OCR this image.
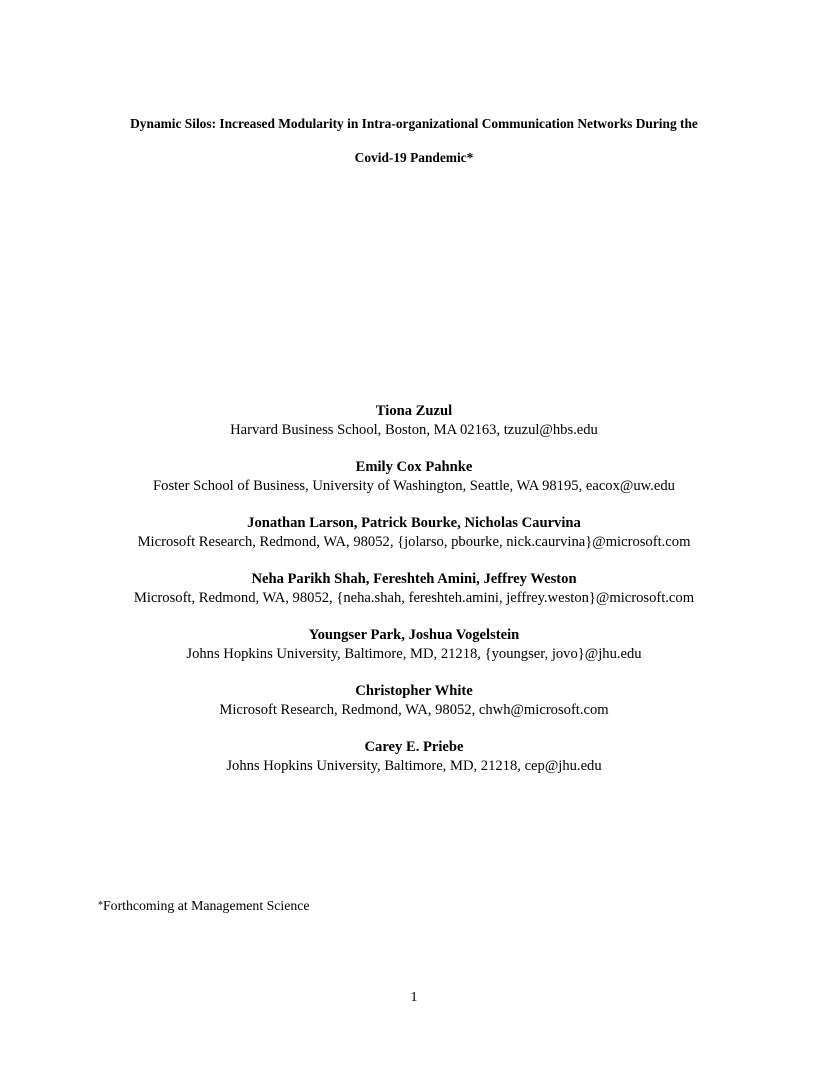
Dynamic Silos: Increased Modularity in Intra-organizational Communication Networks During the

Covid-19 Pandemic*

Tiona Zuzul

Harvard Business School, Boston, MA 02163, tzuzul@hbs.edu

Emily Cox Pahnke

Foster School of Business, University of Washington, Seattle, WA 98195, eacox@uw.edu

Jonathan Larson, Patrick Bourke, Nicholas Caurvina

Microsoft Research, Redmond, WA, 98052, {jolarso, pbourke, nick.caurvina}@microsoft.com

Neha Parikh Shah, Fereshteh Amini, Jeffrey Weston

Microsoft, Redmond, WA, 98052, {neha.shah, fereshteh.amini, jeffrey.weston}@microsoft.com

Youngser Park, Joshua Vogelstein

Johns Hopkins University, Baltimore, MD, 21218, {youngser, jovo}@jhu.edu

Christopher White

Microsoft Research, Redmond, WA, 98052, chwh@microsoft.com

Carey E. Priebe

Johns Hopkins University, Baltimore, MD, 21218, cep@jhu.edu

*Forthcoming at Management Science

1
